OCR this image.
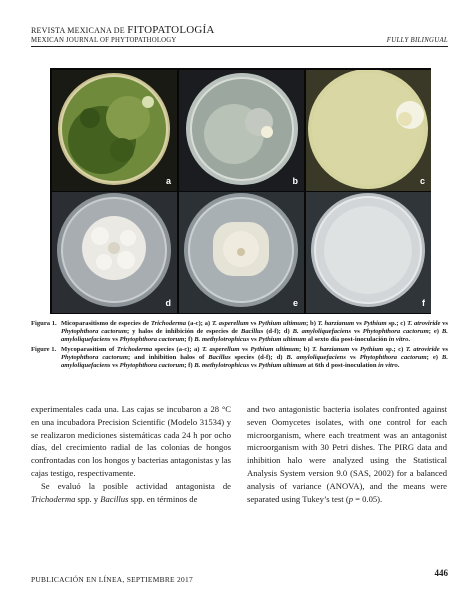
REVISTA MEXICANA DE FITOPATOLOGÍA
MEXICAN JOURNAL OF PHYTOPATHOLOGY	FULLY BILINGUAL
a	b	c
d	e	f
Figura 1. Micoparasitismo de especies de Trichoderma (a-c); a) T. asperellum vs Pythium ultimum; b) T. harzianum vs Pythium sp.; c) T. atroviride vs Phytophthora cactorum; y halos de inhibición de especies de Bacillus (d-f); d) B. amyloliquefaciens vs Phytophthora cactorum; e) B. amyloliquefaciens vs Phytophthora cactorum; f) B. methylotrophicus vs Pythium ultimum al sexto día post-inoculación in vitro.
Figure 1. Mycoparasitism of Trichoderma species (a-c); a) T. asperellum vs Pythium ultimum; b) T. harzianum vs Pythium sp.; c) T. atroviride vs Phytophthora cactorum; and inhibition halos of Bacillus species (d-f); d) B. amyloliquefaciens vs Phytophthora cactorum; e) B. amyloliquefaciens vs Phytophthora cactorum; f) B. methylotrophicus vs Pythium ultimum at 6th d post-inoculation in vitro.

experimentales cada una. Las cajas se incubaron a 28 °C en una incubadora Precision Scientific (Modelo 31534) y se realizaron mediciones sistemáticas cada 24 h por ocho días, del crecimiento radial de las colonias de hongos confrontadas con los hongos y bacterias antagonistas y las cajas testigo, respectivamente.

Se evaluó la posible actividad antagonista de Trichoderma spp. y Bacillus spp. en términos de

and two antagonistic bacteria isolates confronted against seven Oomycetes isolates, with one control for each microorganism, where each treatment was an antagonist microorganism with 30 Petri dishes. The PIRG data and inhibition halo were analyzed using the Statistical Analysis System version 9.0 (SAS, 2002) for a balanced analysis of variance (ANOVA), and the means were separated using Tukey’s test (p = 0.05).

PUBLICACIÓN EN LÍNEA, SEPTIEMBRE 2017
446
